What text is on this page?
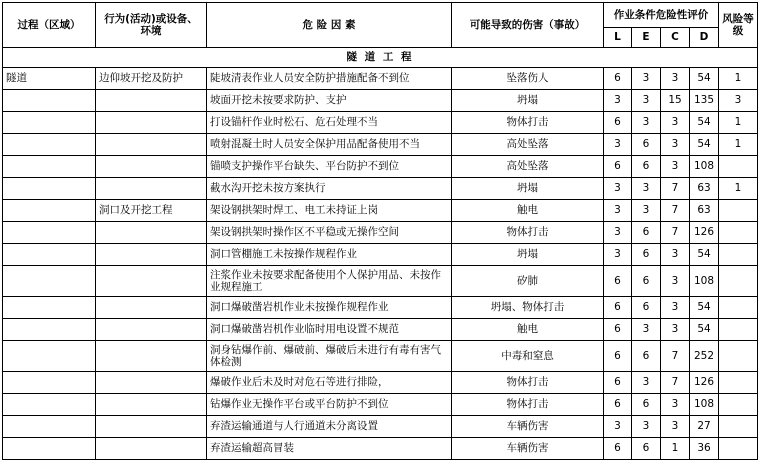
过程（区域）	行为(活动)或设备、环境	危 险 因 素	可能导致的伤害（事故）	作业条件危险性评价				风险等级
				L	E	C	D	
隧 道 工 程								
隧道	边仰坡开挖及防护	陡坡清表作业人员安全防护措施配备不到位	坠落伤人	6	3	3	54	1
		坡面开挖未按要求防护、支护	坍塌	3	3	15	135	3
		打设锚杆作业时松石、危石处理不当	物体打击	6	3	3	54	1
		喷射混凝土时人员安全保护用品配备使用不当	高处坠落	3	6	3	54	1
		锚喷支护操作平台缺失、平台防护不到位	高处坠落	6	6	3	108	
		截水沟开挖未按方案执行	坍塌	3	3	7	63	1
	洞口及开挖工程	架设钢拱架时焊工、电工未持证上岗	触电	3	3	7	63	
		架设钢拱架时操作区不平稳或无操作空间	物体打击	3	6	7	126	
		洞口管棚施工未按操作规程作业	坍塌	3	6	3	54	
		注浆作业未按要求配备使用个人保护用品、未按作业规程施工	矽肺	6	6	3	108	
		洞口爆破凿岩机作业未按操作规程作业	坍塌、物体打击	6	6	3	54	
		洞口爆破凿岩机作业临时用电设置不规范	触电	6	3	3	54	
		洞身钻爆作前、爆破前、爆破后未进行有毒有害气体检测	中毒和窒息	6	6	7	252	
		爆破作业后未及时对危石等进行排险，	物体打击	6	3	7	126	
		钻爆作业无操作平台或平台防护不到位	物体打击	6	6	3	108	
		弃渣运输通道与人行通道未分离设置	车辆伤害	3	3	3	27	
		弃渣运输超高冒装	车辆伤害	6	6	1	36	
